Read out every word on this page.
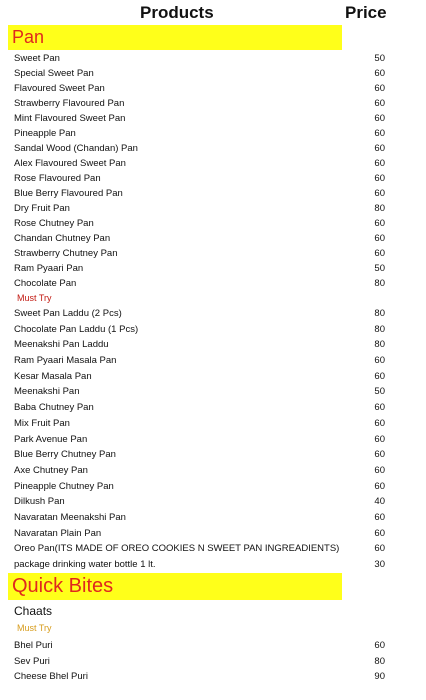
Products	Price
Pan
Sweet Pan	50
Special Sweet Pan	60
Flavoured Sweet Pan	60
Strawberry Flavoured Pan	60
Mint Flavoured Sweet Pan	60
Pineapple Pan	60
Sandal Wood (Chandan) Pan	60
Alex Flavoured Sweet Pan	60
Rose Flavoured Pan	60
Blue Berry Flavoured Pan	60
Dry Fruit Pan	80
Rose Chutney Pan	60
Chandan Chutney Pan	60
Strawberry Chutney Pan	60
Ram Pyaari Pan	50
Chocolate Pan	80
Must Try
Sweet Pan Laddu (2 Pcs)	80
Chocolate Pan Laddu (1 Pcs)	80
Meenakshi Pan Laddu	80
Ram Pyaari Masala Pan	60
Kesar Masala Pan	60
Meenakshi Pan	50
Baba Chutney Pan	60
Mix Fruit Pan	60
Park Avenue Pan	60
Blue Berry Chutney Pan	60
Axe Chutney Pan	60
Pineapple Chutney Pan	60
Dilkush Pan	40
Navaratan Meenakshi Pan	60
Navaratan Plain Pan	60
Oreo Pan(ITS MADE OF OREO COOKIES N SWEET PAN INGREADIENTS)	60
package drinking water bottle 1 lt.	30
Quick Bites
Chaats
Must Try
Bhel Puri	60
Sev Puri	80
Cheese Bhel Puri	90
